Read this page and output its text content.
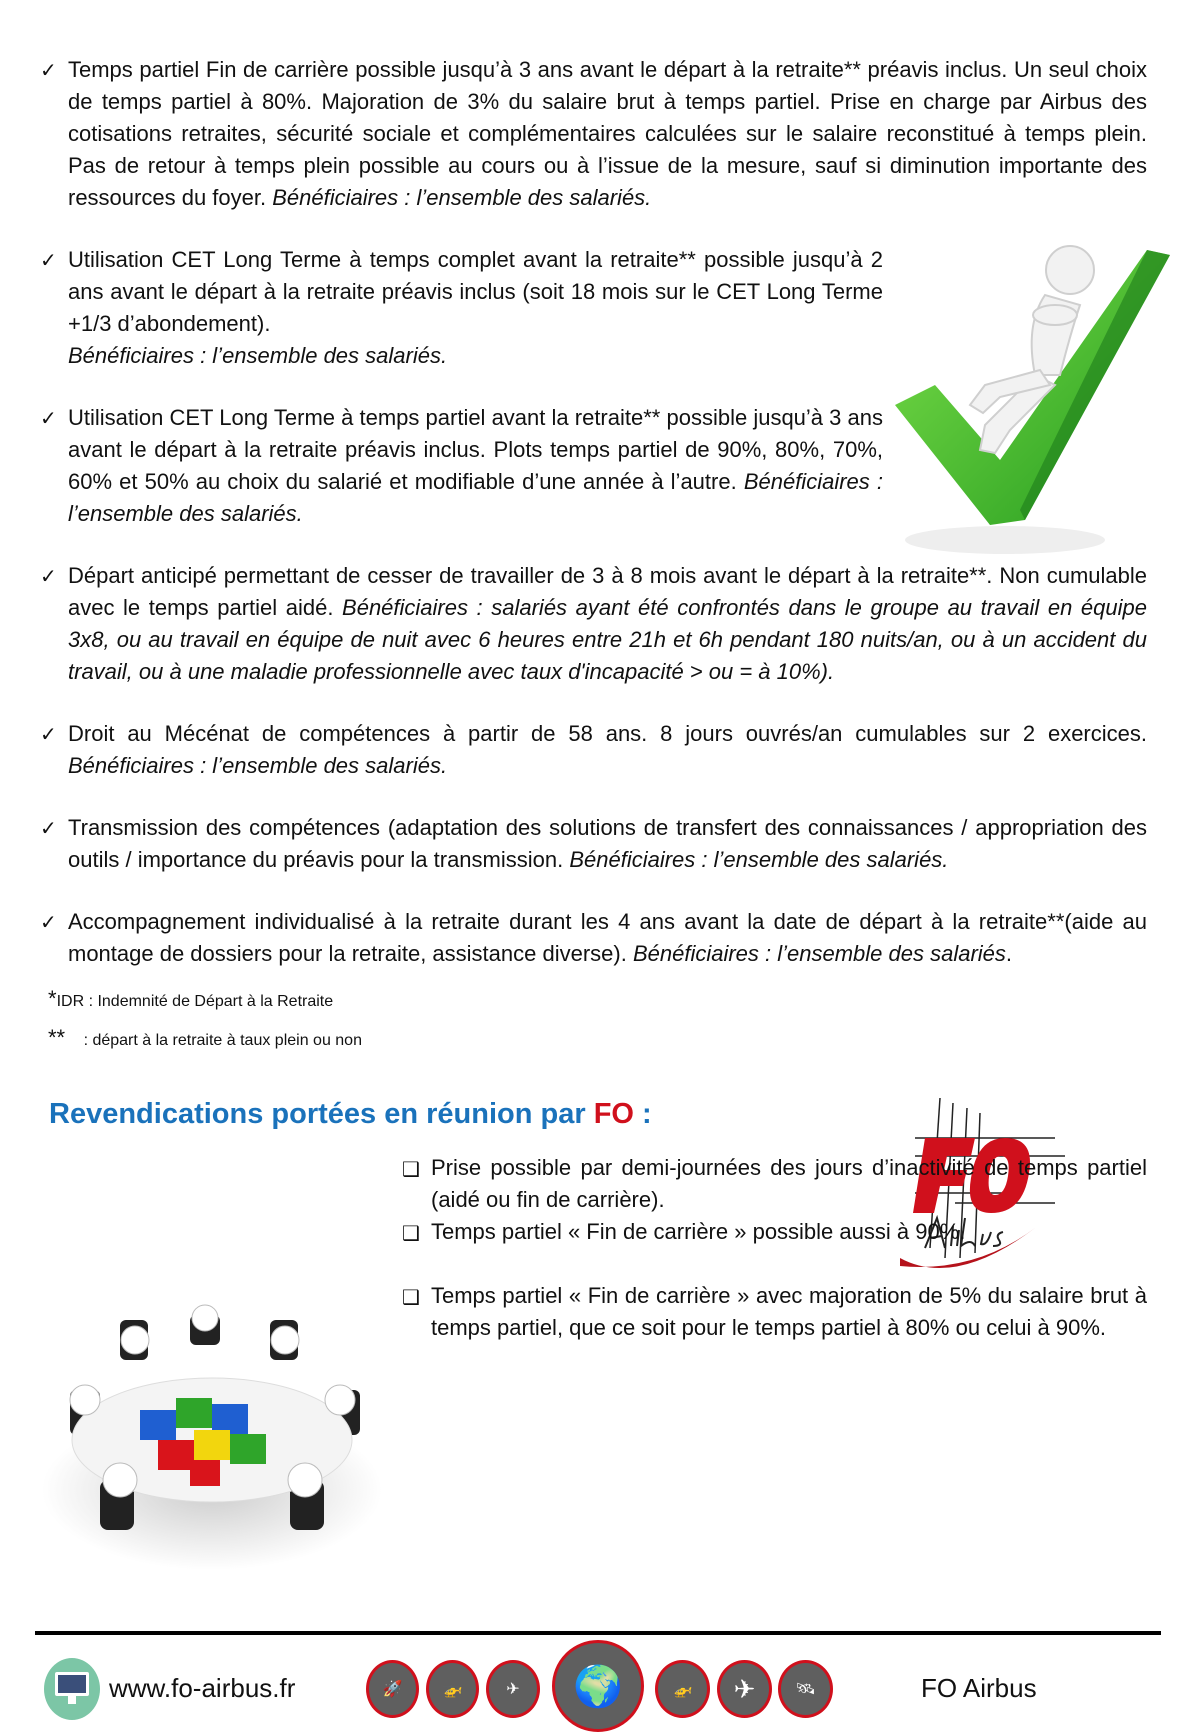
✓ Temps partiel Fin de carrière possible jusqu’à 3 ans avant le départ à la retraite** préavis inclus. Un seul choix de temps partiel à 80%. Majoration de 3% du salaire brut à temps partiel. Prise en charge par Airbus des cotisations retraites, sécurité sociale et complémentaires calculées sur le salaire reconstitué à temps plein. Pas de retour à temps plein possible au cours ou à l’issue de la mesure, sauf si diminution importante des ressources du foyer. Bénéficiaires : l’ensemble des salariés.
✓ Utilisation CET Long Terme à temps complet avant la retraite** possible jusqu’à 2 ans avant le départ à la retraite préavis inclus (soit 18 mois sur le CET Long Terme +1/3 d’abondement).
Bénéficiaires : l’ensemble des salariés.
✓ Utilisation CET Long Terme à temps partiel avant la retraite** possible jusqu’à 3 ans avant le départ à la retraite préavis inclus. Plots temps partiel de 90%, 80%, 70%, 60% et 50% au choix du salarié et modifiable d’une année à l’autre. Bénéficiaires : l’ensemble des salariés.
✓ Départ anticipé permettant de cesser de travailler de 3 à 8 mois avant le départ à la retraite**. Non cumulable avec le temps partiel aidé. Bénéficiaires : salariés ayant été confrontés dans le groupe au travail en équipe 3x8, ou au travail en équipe de nuit avec 6 heures entre 21h et 6h pendant 180 nuits/an, ou à un accident du travail, ou à une maladie professionnelle avec taux d'incapacité > ou = à 10%).
✓ Droit au Mécénat de compétences à partir de 58 ans. 8 jours ouvrés/an cumulables sur 2 exercices. Bénéficiaires : l’ensemble des salariés.
✓ Transmission des compétences (adaptation des solutions de transfert des connaissances / appropriation des outils / importance du préavis pour la transmission. Bénéficiaires : l’ensemble des salariés.
✓ Accompagnement individualisé à la retraite durant les 4 ans avant la date de départ à la retraite**(aide au montage de dossiers pour la retraite, assistance diverse). Bénéficiaires : l’ensemble des salariés.
*IDR : Indemnité de Départ à la Retraite
** : départ à la retraite à taux plein ou non
Revendications portées en réunion par FO :
❑ Prise possible par demi-journées des jours d’inactivité de temps partiel (aidé ou fin de carrière).
❑ Temps partiel « Fin de carrière » possible aussi à 90%.
❑ Temps partiel « Fin de carrière » avec majoration de 5% du salaire brut à temps partiel, que ce soit pour le temps partiel à 80% ou celui à 90%.
www.fo-airbus.fr	🚀	🚁	✈	🌍	🚁	✈	🛰	FO Airbus
